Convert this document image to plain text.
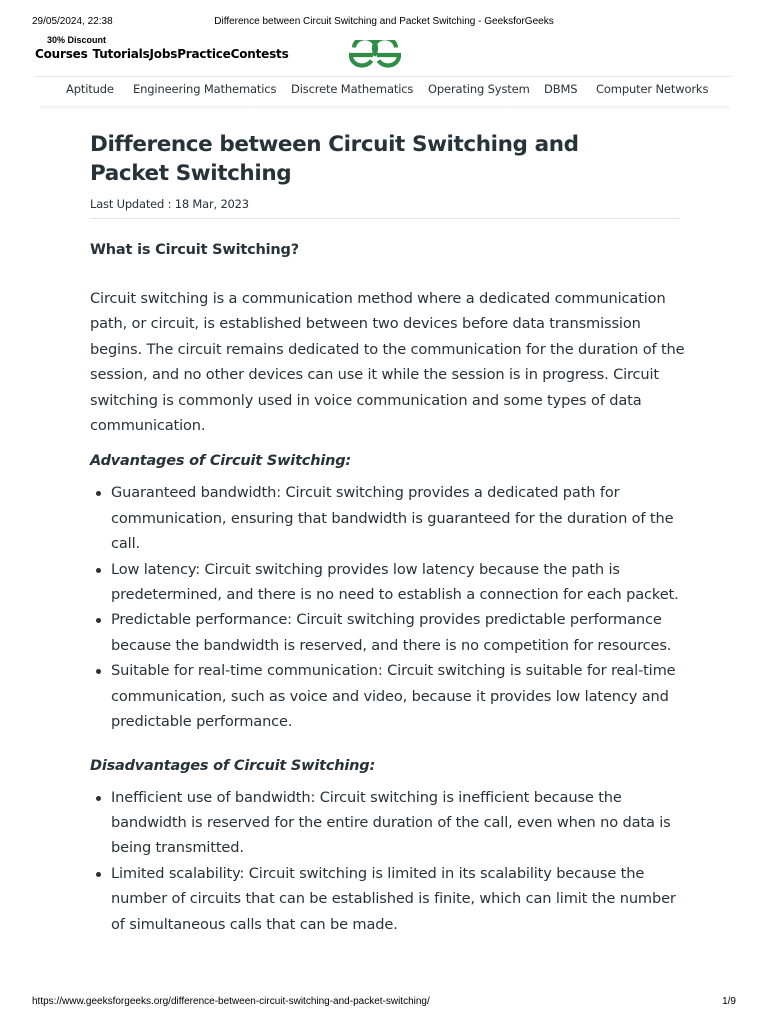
29/05/2024, 22:38	Difference between Circuit Switching and Packet Switching - GeeksforGeeks
30% Discount
Courses TutorialsJobsPracticeContests
Aptitude Engineering Mathematics Discrete Mathematics Operating System DBMS Computer Networks
Difference between Circuit Switching and Packet Switching
Last Updated : 18 Mar, 2023
What is Circuit Switching?

Circuit switching is a communication method where a dedicated communication path, or circuit, is established between two devices before data transmission begins. The circuit remains dedicated to the communication for the duration of the session, and no other devices can use it while the session is in progress. Circuit switching is commonly used in voice communication and some types of data communication.

Advantages of Circuit Switching:
Guaranteed bandwidth: Circuit switching provides a dedicated path for communication, ensuring that bandwidth is guaranteed for the duration of the call.
Low latency: Circuit switching provides low latency because the path is predetermined, and there is no need to establish a connection for each packet.
Predictable performance: Circuit switching provides predictable performance because the bandwidth is reserved, and there is no competition for resources.
Suitable for real-time communication: Circuit switching is suitable for real-time communication, such as voice and video, because it provides low latency and predictable performance.
Disadvantages of Circuit Switching:
Inefficient use of bandwidth: Circuit switching is inefficient because the bandwidth is reserved for the entire duration of the call, even when no data is being transmitted.
Limited scalability: Circuit switching is limited in its scalability because the number of circuits that can be established is finite, which can limit the number of simultaneous calls that can be made.
https://www.geeksforgeeks.org/difference-between-circuit-switching-and-packet-switching/	1/9
